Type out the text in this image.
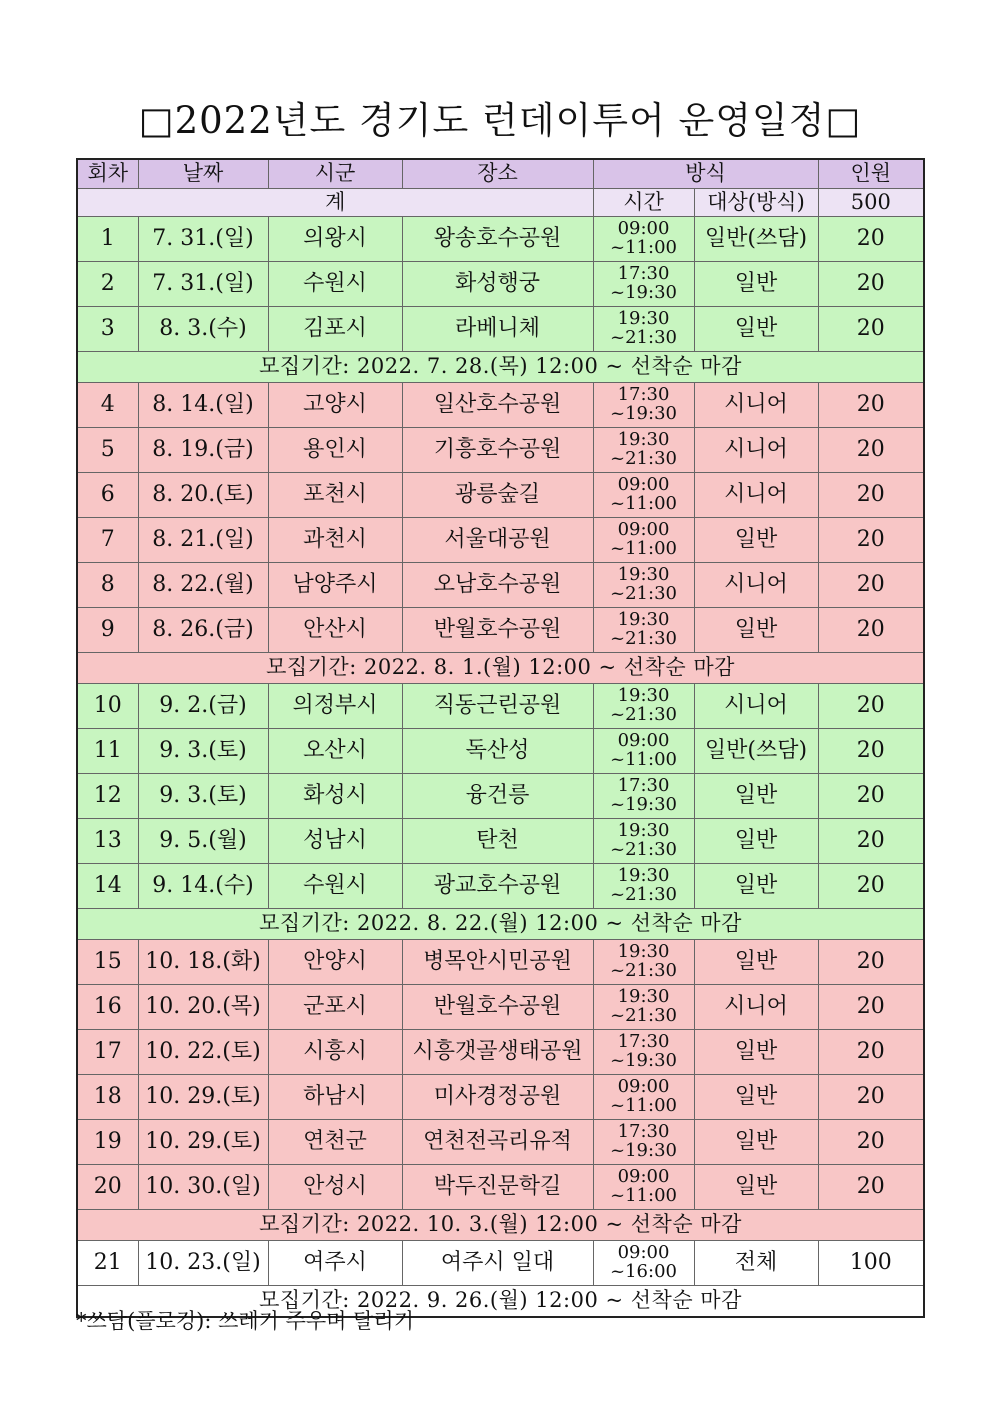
□2022년도 경기도 런데이투어 운영일정□
회차	날짜	시군	장소	방식		인원
계				시간	대상(방식)	500
1	7. 31.(일)	의왕시	왕송호수공원	09:00
~11:00	일반(쓰담)	20
2	7. 31.(일)	수원시	화성행궁	17:30
~19:30	일반	20
3	8. 3.(수)	김포시	라베니체	19:30
~21:30	일반	20
모집기간: 2022. 7. 28.(목) 12:00 ~ 선착순 마감						
4	8. 14.(일)	고양시	일산호수공원	17:30
~19:30	시니어	20
5	8. 19.(금)	용인시	기흥호수공원	19:30
~21:30	시니어	20
6	8. 20.(토)	포천시	광릉숲길	09:00
~11:00	시니어	20
7	8. 21.(일)	과천시	서울대공원	09:00
~11:00	일반	20
8	8. 22.(월)	남양주시	오남호수공원	19:30
~21:30	시니어	20
9	8. 26.(금)	안산시	반월호수공원	19:30
~21:30	일반	20
모집기간: 2022. 8. 1.(월) 12:00 ~ 선착순 마감						
10	9. 2.(금)	의정부시	직동근린공원	19:30
~21:30	시니어	20
11	9. 3.(토)	오산시	독산성	09:00
~11:00	일반(쓰담)	20
12	9. 3.(토)	화성시	융건릉	17:30
~19:30	일반	20
13	9. 5.(월)	성남시	탄천	19:30
~21:30	일반	20
14	9. 14.(수)	수원시	광교호수공원	19:30
~21:30	일반	20
모집기간: 2022. 8. 22.(월) 12:00 ~ 선착순 마감						
15	10. 18.(화)	안양시	병목안시민공원	19:30
~21:30	일반	20
16	10. 20.(목)	군포시	반월호수공원	19:30
~21:30	시니어	20
17	10. 22.(토)	시흥시	시흥갯골생태공원	17:30
~19:30	일반	20
18	10. 29.(토)	하남시	미사경정공원	09:00
~11:00	일반	20
19	10. 29.(토)	연천군	연천전곡리유적	17:30
~19:30	일반	20
20	10. 30.(일)	안성시	박두진문학길	09:00
~11:00	일반	20
모집기간: 2022. 10. 3.(월) 12:00 ~ 선착순 마감						
21	10. 23.(일)	여주시	여주시 일대	09:00
~16:00	전체	100
모집기간: 2022. 9. 26.(월) 12:00 ~ 선착순 마감						
*쓰담(플로깅): 쓰레기 주우며 달리기
